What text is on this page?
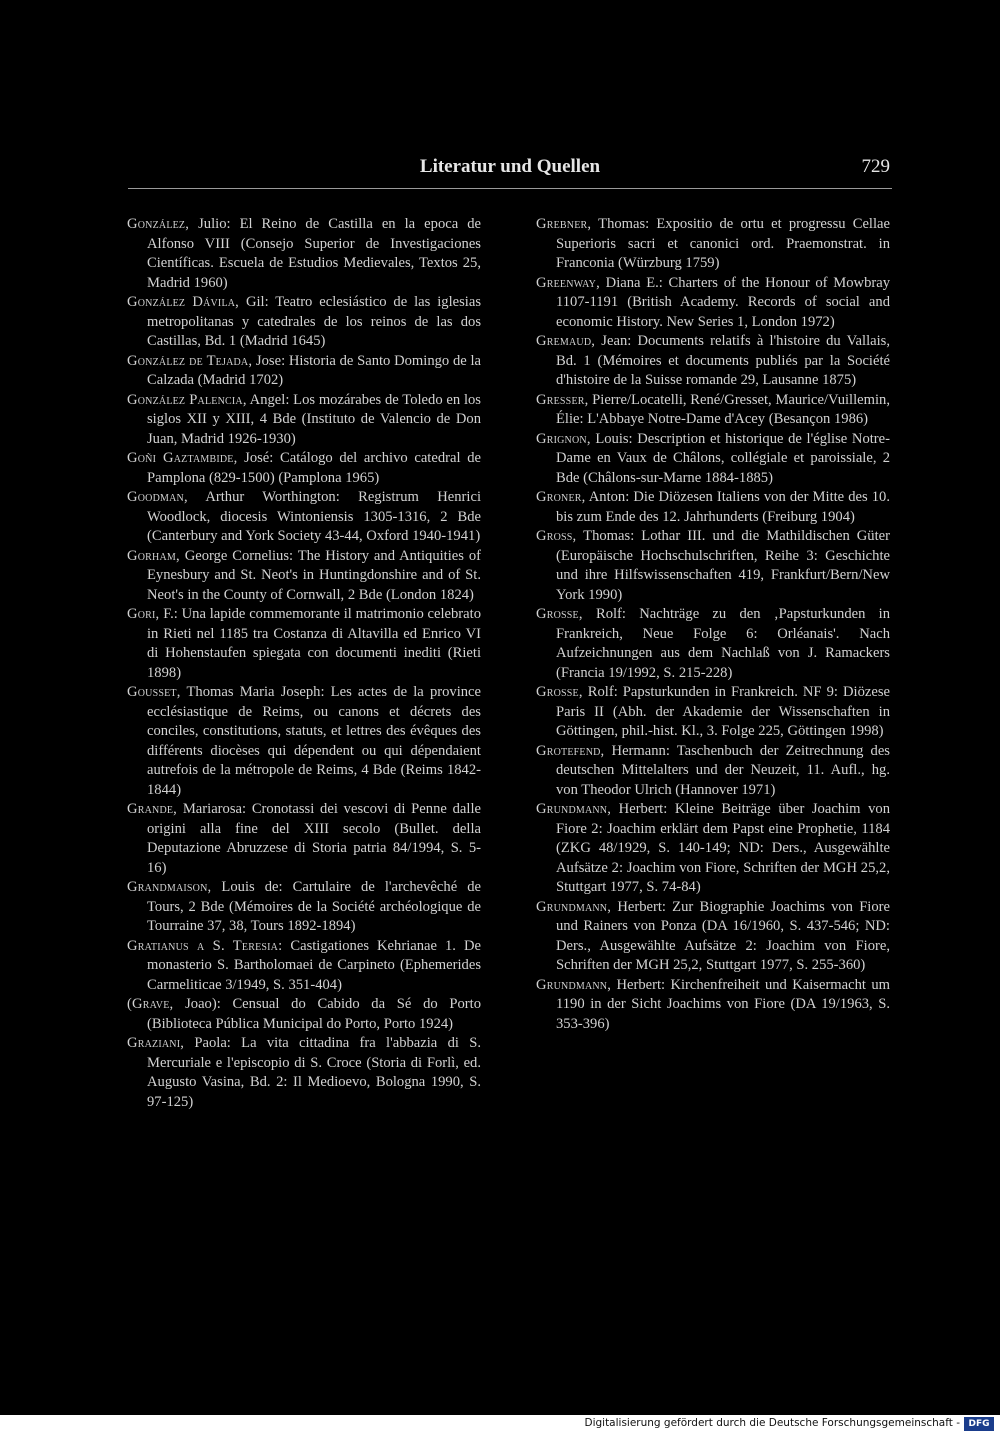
Literatur und Quellen	729
González, Julio: El Reino de Castilla en la epoca de Alfonso VIII (Consejo Superior de Investigaciones Científicas. Escuela de Estudios Medievales, Textos 25, Madrid 1960)
González Dávila, Gil: Teatro eclesiástico de las iglesias metropolitanas y catedrales de los reinos de las dos Castillas, Bd. 1 (Madrid 1645)
González de Tejada, Jose: Historia de Santo Domingo de la Calzada (Madrid 1702)
González Palencia, Angel: Los mozárabes de Toledo en los siglos XII y XIII, 4 Bde (Instituto de Valencio de Don Juan, Madrid 1926-1930)
Goñi Gaztambide, José: Catálogo del archivo catedral de Pamplona (829-1500) (Pamplona 1965)
Goodman, Arthur Worthington: Registrum Henrici Woodlock, diocesis Wintoniensis 1305-1316, 2 Bde (Canterbury and York Society 43-44, Oxford 1940-1941)
Gorham, George Cornelius: The History and Antiquities of Eynesbury and St. Neot's in Huntingdonshire and of St. Neot's in the County of Cornwall, 2 Bde (London 1824)
Gori, F.: Una lapide commemorante il matrimonio celebrato in Rieti nel 1185 tra Costanza di Altavilla ed Enrico VI di Hohenstaufen spiegata con documenti inediti (Rieti 1898)
Gousset, Thomas Maria Joseph: Les actes de la province ecclésiastique de Reims, ou canons et décrets des conciles, constitutions, statuts, et lettres des évêques des différents diocèses qui dépendent ou qui dépendaient autrefois de la métropole de Reims, 4 Bde (Reims 1842-1844)
Grande, Mariarosa: Cronotassi dei vescovi di Penne dalle origini alla fine del XIII secolo (Bullet. della Deputazione Abruzzese di Storia patria 84/1994, S. 5-16)
Grandmaison, Louis de: Cartulaire de l'archevêché de Tours, 2 Bde (Mémoires de la Société archéologique de Tourraine 37, 38, Tours 1892-1894)
Gratianus a S. Teresia: Castigationes Kehrianae 1. De monasterio S. Bartholomaei de Carpineto (Ephemerides Carmeliticae 3/1949, S. 351-404)
(Grave, Joao): Censual do Cabido da Sé do Porto (Biblioteca Pública Municipal do Porto, Porto 1924)
Graziani, Paola: La vita cittadina fra l'abbazia di S. Mercuriale e l'episcopio di S. Croce (Storia di Forlì, ed. Augusto Vasina, Bd. 2: Il Medioevo, Bologna 1990, S. 97-125)
Grebner, Thomas: Expositio de ortu et progressu Cellae Superioris sacri et canonici ord. Praemonstrat. in Franconia (Würzburg 1759)
Greenway, Diana E.: Charters of the Honour of Mowbray 1107-1191 (British Academy. Records of social and economic History. New Series 1, London 1972)
Gremaud, Jean: Documents relatifs à l'histoire du Vallais, Bd. 1 (Mémoires et documents publiés par la Société d'histoire de la Suisse romande 29, Lausanne 1875)
Gresser, Pierre/Locatelli, René/Gresset, Maurice/Vuillemin, Élie: L'Abbaye Notre-Dame d'Acey (Besançon 1986)
Grignon, Louis: Description et historique de l'église Notre-Dame en Vaux de Châlons, collégiale et paroissiale, 2 Bde (Châlons-sur-Marne 1884-1885)
Groner, Anton: Die Diözesen Italiens von der Mitte des 10. bis zum Ende des 12. Jahrhunderts (Freiburg 1904)
Gross, Thomas: Lothar III. und die Mathildischen Güter (Europäische Hochschulschriften, Reihe 3: Geschichte und ihre Hilfswissenschaften 419, Frankfurt/Bern/New York 1990)
Grosse, Rolf: Nachträge zu den ‚Papsturkunden in Frankreich, Neue Folge 6: Orléanais'. Nach Aufzeichnungen aus dem Nachlaß von J. Ramackers (Francia 19/1992, S. 215-228)
Grosse, Rolf: Papsturkunden in Frankreich. NF 9: Diözese Paris II (Abh. der Akademie der Wissenschaften in Göttingen, phil.-hist. Kl., 3. Folge 225, Göttingen 1998)
Grotefend, Hermann: Taschenbuch der Zeitrechnung des deutschen Mittelalters und der Neuzeit, 11. Aufl., hg. von Theodor Ulrich (Hannover 1971)
Grundmann, Herbert: Kleine Beiträge über Joachim von Fiore 2: Joachim erklärt dem Papst eine Prophetie, 1184 (ZKG 48/1929, S. 140-149; ND: Ders., Ausgewählte Aufsätze 2: Joachim von Fiore, Schriften der MGH 25,2, Stuttgart 1977, S. 74-84)
Grundmann, Herbert: Zur Biographie Joachims von Fiore und Rainers von Ponza (DA 16/1960, S. 437-546; ND: Ders., Ausgewählte Aufsätze 2: Joachim von Fiore, Schriften der MGH 25,2, Stuttgart 1977, S. 255-360)
Grundmann, Herbert: Kirchenfreiheit und Kaisermacht um 1190 in der Sicht Joachims von Fiore (DA 19/1963, S. 353-396)
Digitalisierung gefördert durch die Deutsche Forschungsgemeinschaft - DFG
